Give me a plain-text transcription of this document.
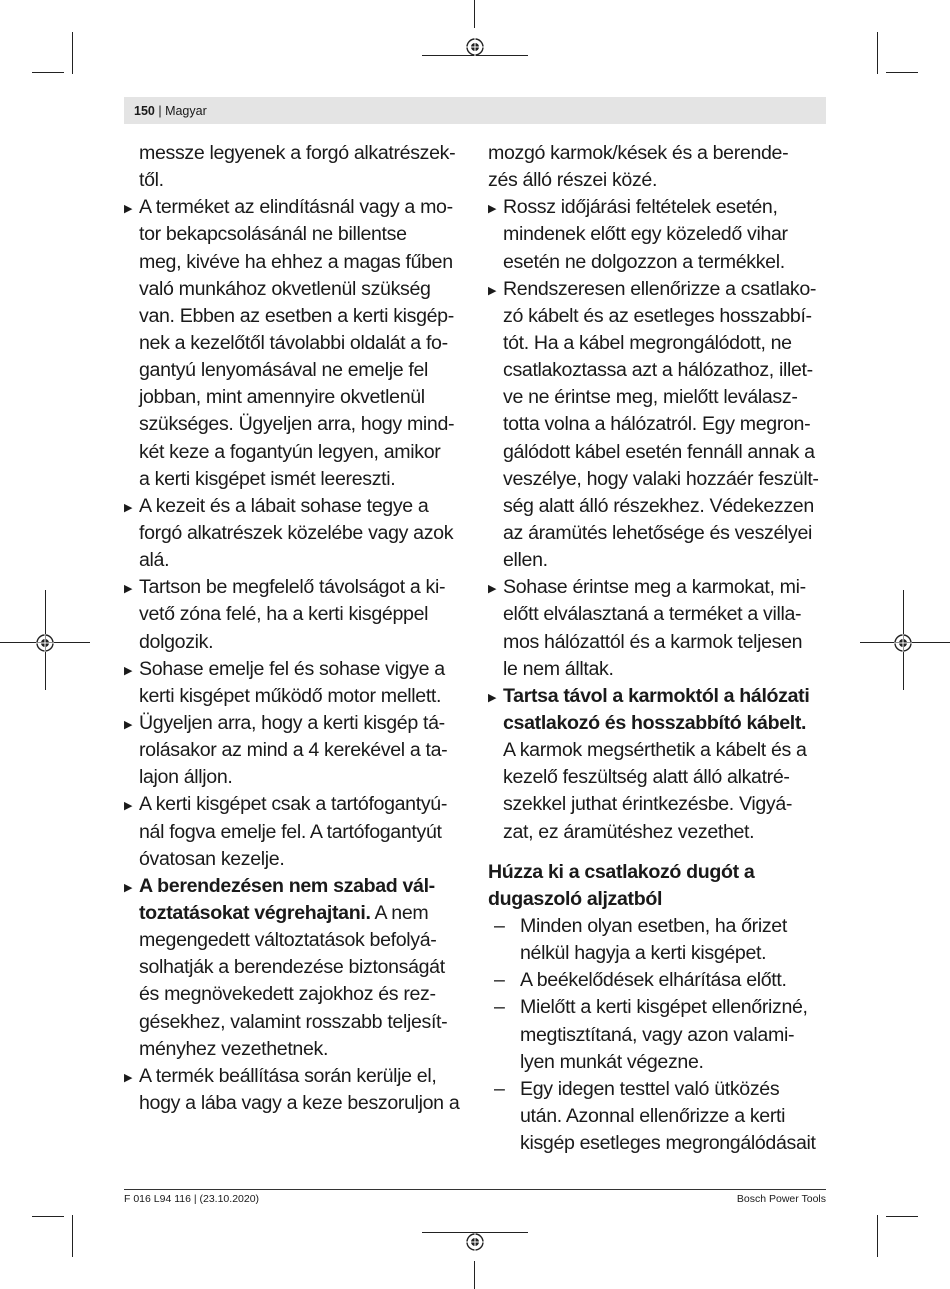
150 | Magyar
messze legyenek a forgó alkatrészek-
től.
▶ A terméket az elindításnál vagy a mo-
tor bekapcsolásánál ne billentse
meg, kivéve ha ehhez a magas fűben
való munkához okvetlenül szükség
van. Ebben az esetben a kerti kisgép-
nek a kezelőtől távolabbi oldalát a fo-
gantyú lenyomásával ne emelje fel
jobban, mint amennyire okvetlenül
szükséges. Ügyeljen arra, hogy mind-
két keze a fogantyún legyen, amikor
a kerti kisgépet ismét leereszti.
▶ A kezeit és a lábait sohase tegye a
forgó alkatrészek közelébe vagy azok
alá.
▶ Tartson be megfelelő távolságot a ki-
vető zóna felé, ha a kerti kisgéppel
dolgozik.
▶ Sohase emelje fel és sohase vigye a
kerti kisgépet működő motor mellett.
▶ Ügyeljen arra, hogy a kerti kisgép tá-
rolásakor az mind a 4 kerekével a ta-
lajon álljon.
▶ A kerti kisgépet csak a tartófogantyú-
nál fogva emelje fel. A tartófogantyút
óvatosan kezelje.
▶ A berendezésen nem szabad vál-
toztatásokat végrehajtani. A nem
megengedett változtatások befolyá-
solhatják a berendezése biztonságát
és megnövekedett zajokhoz és rez-
gésekhez, valamint rosszabb teljesít-
ményhez vezethetnek.
▶ A termék beállítása során kerülje el,
hogy a lába vagy a keze beszoruljon a
mozgó karmok/kések és a berende-
zés álló részei közé.
▶ Rossz időjárási feltételek esetén,
mindenek előtt egy közeledő vihar
esetén ne dolgozzon a termékkel.
▶ Rendszeresen ellenőrizze a csatlako-
zó kábelt és az esetleges hosszabbí-
tót. Ha a kábel megrongálódott, ne
csatlakoztassa azt a hálózathoz, illet-
ve ne érintse meg, mielőtt leválasz-
totta volna a hálózatról. Egy megron-
gálódott kábel esetén fennáll annak a
veszélye, hogy valaki hozzáér feszült-
ség alatt álló részekhez. Védekezzen
az áramütés lehetősége és veszélyei
ellen.
▶ Sohase érintse meg a karmokat, mi-
előtt elválasztaná a terméket a villa-
mos hálózattól és a karmok teljesen
le nem álltak.
▶ Tartsa távol a karmoktól a hálózati
csatlakozó és hosszabbító kábelt.
A karmok megsérthetik a kábelt és a
kezelő feszültség alatt álló alkatré-
szekkel juthat érintkezésbe. Vigyá-
zat, ez áramütéshez vezethet.
Húzza ki a csatlakozó dugót a
dugaszoló aljzatból
– Minden olyan esetben, ha őrizet
nélkül hagyja a kerti kisgépet.
– A beékelődések elhárítása előtt.
– Mielőtt a kerti kisgépet ellenőrizné,
megtisztítaná, vagy azon valami-
lyen munkát végezne.
– Egy idegen testtel való ütközés
után. Azonnal ellenőrizze a kerti
kisgép esetleges megrongálódásait
F 016 L94 116 | (23.10.2020)	Bosch Power Tools
